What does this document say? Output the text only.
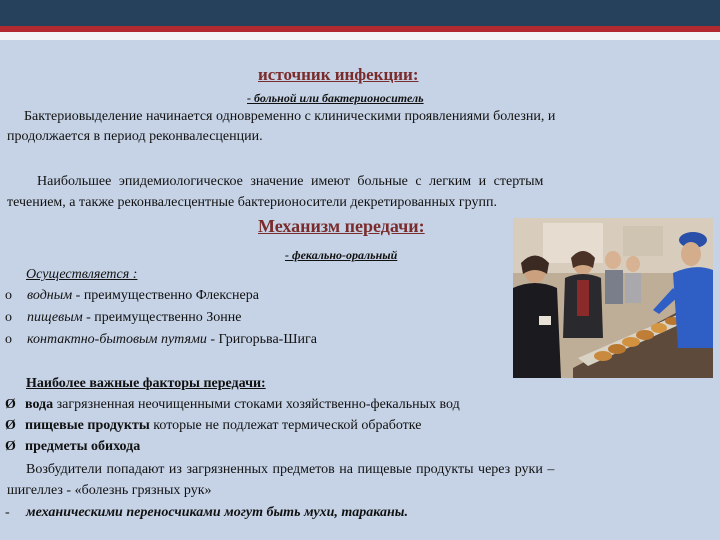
источник инфекции:
- больной или бактерионоситель
Бактериовыделение начинается одновременно с клиническими проявлениями болезни, и
продолжается в период реконвалесценции.
Наибольшее эпидемиологическое значение имеют больные с легким и стертым
течением, а также реконвалесцентные бактерионосители декретированных групп.
Механизм передачи:
- фекально-оральный
Осуществляется :
o водным - преимущественно Флекснера
o пищевым - преимущественно Зонне
o контактно-бытовым путями - Григорьва-Шига
Наиболее важные факторы передачи:
Ø вода загрязненная неочищенными стоками хозяйственно-фекальных вод
Ø пищевые продукты которые не подлежат термической обработке
Ø предметы обихода
Возбудители попадают из загрязненных предметов на пищевые продукты через руки –
шигеллез - «болезнь грязных рук»
- механическими переносчиками могут быть мухи, тараканы.
